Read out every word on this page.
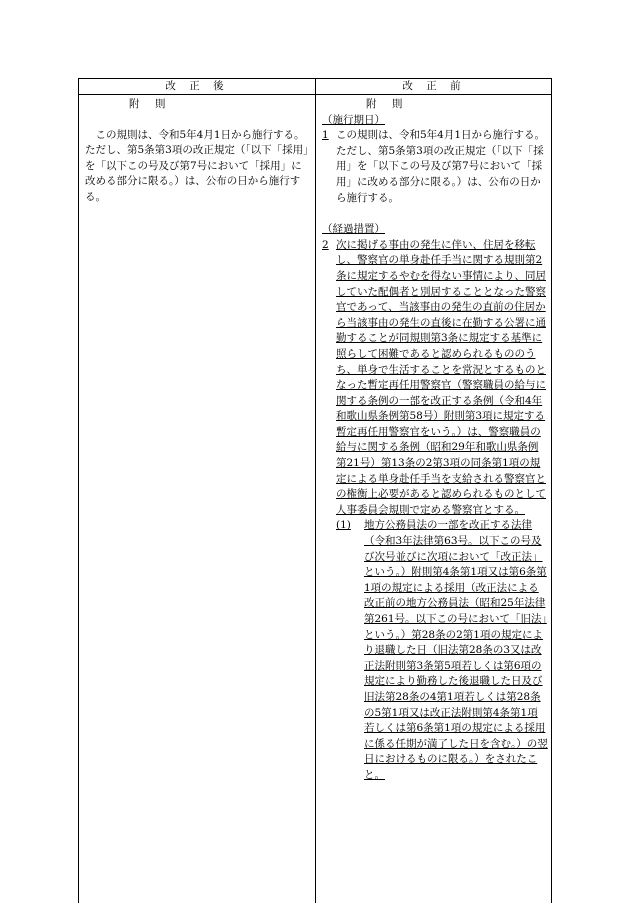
改 正 後	改 正 前
附 則
この規則は、令和5年4月1日から施行する。ただし、第5条第3項の改正規定（「以下「採用」を「以下この号及び第7号において「採用」に改める部分に限る。）は、公布の日から施行する。
附 則

（施行期日）

1 この規則は、令和5年4月1日から施行する。ただし、第5条第3項の改正規定（「以下「採用」を「以下この号及び第7号において「採用」に改める部分に限る。）は、公布の日から施行する。

（経過措置）

2 次に掲げる事由の発生に伴い、住居を移転し、警察官の単身赴任手当に関する規則第2条に規定するやむを得ない事情により、同居していた配偶者と別居することとなった警察官であって、当該事由の発生の直前の住居から当該事由の発生の直後に在勤する公署に通勤することが同規則第3条に規定する基準に照らして困難であると認められるもののうち、単身で生活することを常況とするものとなった暫定再任用警察官（警察職員の給与に関する条例の一部を改正する条例（令和4年和歌山県条例第58号）附則第3項に規定する暫定再任用警察官をいう。）は、警察職員の給与に関する条例（昭和29年和歌山県条例第21号）第13条の2第3項の同条第1項の規定による単身赴任手当を支給される警察官との権衡上必要があると認められるものとして人事委員会規則で定める警察官とする。
(1)	地方公務員法の一部を改正する法律（令和3年法律第63号。以下この号及び次号並びに次項において「改正法」という。）附則第4条第1項又は第6条第1項の規定による採用（改正法による改正前の地方公務員法（昭和25年法律第261号。以下この号において「旧法」という。）第28条の2第1項の規定により退職した日（旧法第28条の3又は改正法附則第3条第5項若しくは第6項の規定により勤務した後退職した日及び旧法第28条の4第1項若しくは第28条の5第1項又は改正法附則第4条第1項若しくは第6条第1項の規定による採用に係る任期が満了した日を含む。）の翌日におけるものに限る。）をされたこと。
